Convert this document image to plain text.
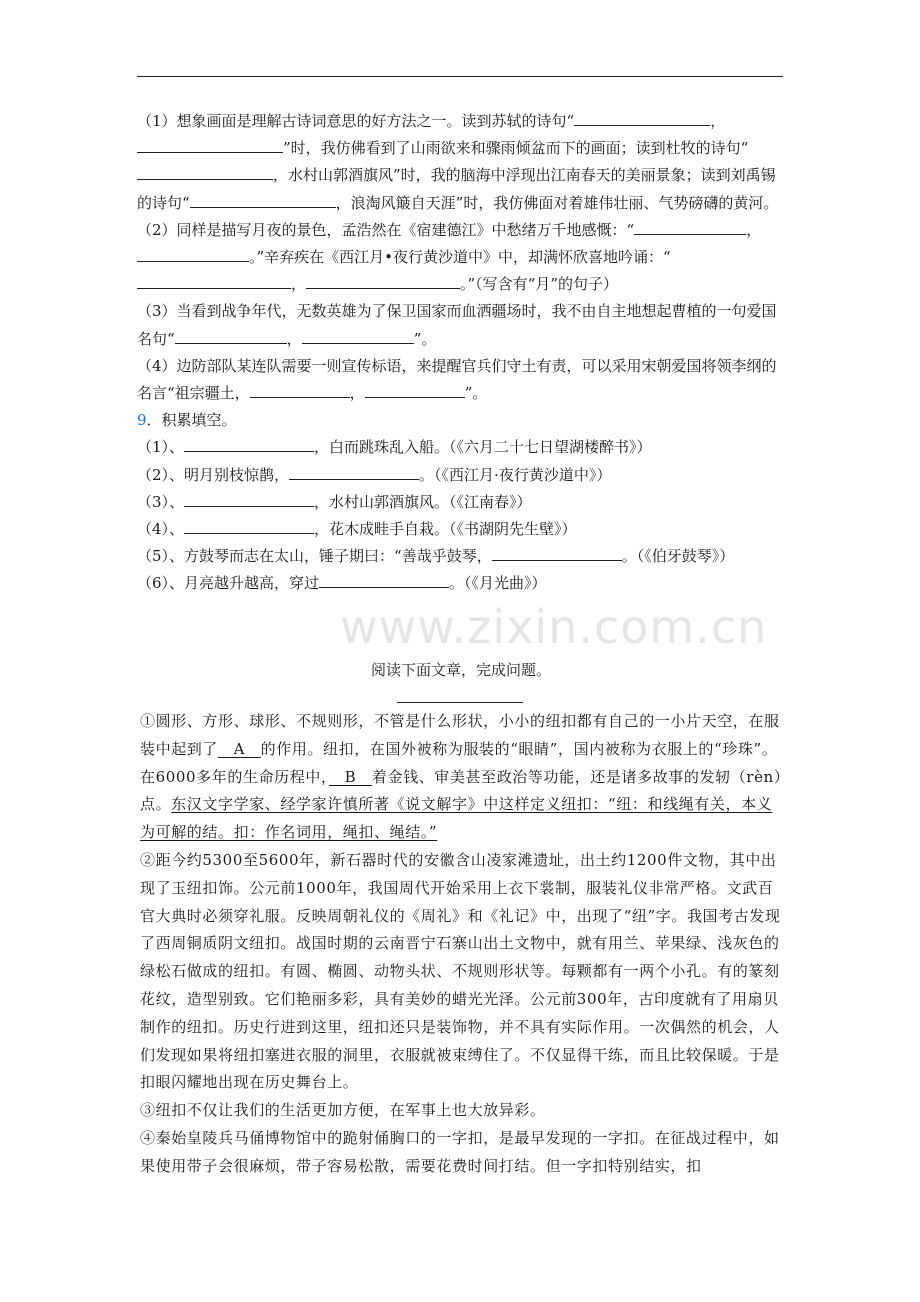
（1）想象画面是理解古诗词意思的好方法之一。读到苏轼的诗句“	，”时，我仿佛看到了山雨欲来和骤雨倾盆而下的画面；读到杜牧的诗句“，水村山郭酒旗风”时，我的脑海中浮现出江南春天的美丽景象；读到刘禹锡的诗句“	，浪淘风簸自天涯”时，我仿佛面对着雄伟壮丽、气势磅礴的黄河。

（2）同样是描写月夜的景色，孟浩然在《宿建德江》中愁绪万千地感慨：“	，。”辛弃疾在《西江月•夜行黄沙道中》中，却满怀欣喜地吟诵：“，	。”（写含有“月”的句子）

（3）当看到战争年代，无数英雄为了保卫国家而血洒疆场时，我不由自主地想起曹植的一句爱国名句“	，	”。

（4）边防部队某连队需要一则宣传标语，来提醒官兵们守土有责，可以采用宋朝爱国将领李纲的名言“祖宗疆土，	，	”。

9．积累填空。

（1）、	，白而跳珠乱入船。（《六月二十七日望湖楼醉书》）

（2）、明月别枝惊鹊，	。（《西江月·夜行黄沙道中》）

（3）、	，水村山郭酒旗风。（《江南春》）

（4）、	，花木成畦手自栽。（《书湖阴先生壁》）

（5）、方鼓琴而志在太山，锤子期曰：“善哉乎鼓琴，	。（《伯牙鼓琴》）

（6）、月亮越升越高，穿过	。（《月光曲》）

www.zixin.com.cn
阅读下面文章，完成问题。

①圆形、方形、球形、不规则形，不管是什么形状，小小的纽扣都有自己的一小片天空，在服装中起到了　A　的作用。纽扣，在国外被称为服装的“眼睛”，国内被称为衣服上的“珍珠”。在6000多年的生命历程中，　B　着金钱、审美甚至政治等功能，还是诸多故事的发轫（rèn）点。东汉文字学家、经学家许慎所著《说文解字》中这样定义纽扣：“纽：和线绳有关，本义为可解的结。扣：作名词用，绳扣、绳结。”

②距今约5300至5600年，新石器时代的安徽含山凌家滩遗址，出土约1200件文物，其中出现了玉纽扣饰。公元前1000年，我国周代开始采用上衣下裳制，服装礼仪非常严格。文武百官大典时必须穿礼服。反映周朝礼仪的《周礼》和《礼记》中，出现了“纽”字。我国考古发现了西周铜质阴文纽扣。战国时期的云南晋宁石寨山出土文物中，就有用兰、苹果绿、浅灰色的绿松石做成的纽扣。有圆、椭圆、动物头状、不规则形状等。每颗都有一两个小孔。有的篆刻花纹，造型别致。它们艳丽多彩，具有美妙的蜡光光泽。公元前300年，古印度就有了用扇贝制作的纽扣。历史行进到这里，纽扣还只是装饰物，并不具有实际作用。一次偶然的机会，人们发现如果将纽扣塞进衣服的洞里，衣服就被束缚住了。不仅显得干练，而且比较保暖。于是扣眼闪耀地出现在历史舞台上。

③纽扣不仅让我们的生活更加方便，在军事上也大放异彩。

④秦始皇陵兵马俑博物馆中的跪射俑胸口的一字扣，是最早发现的一字扣。在征战过程中，如果使用带子会很麻烦，带子容易松散，需要花费时间打结。但一字扣特别结实，扣
